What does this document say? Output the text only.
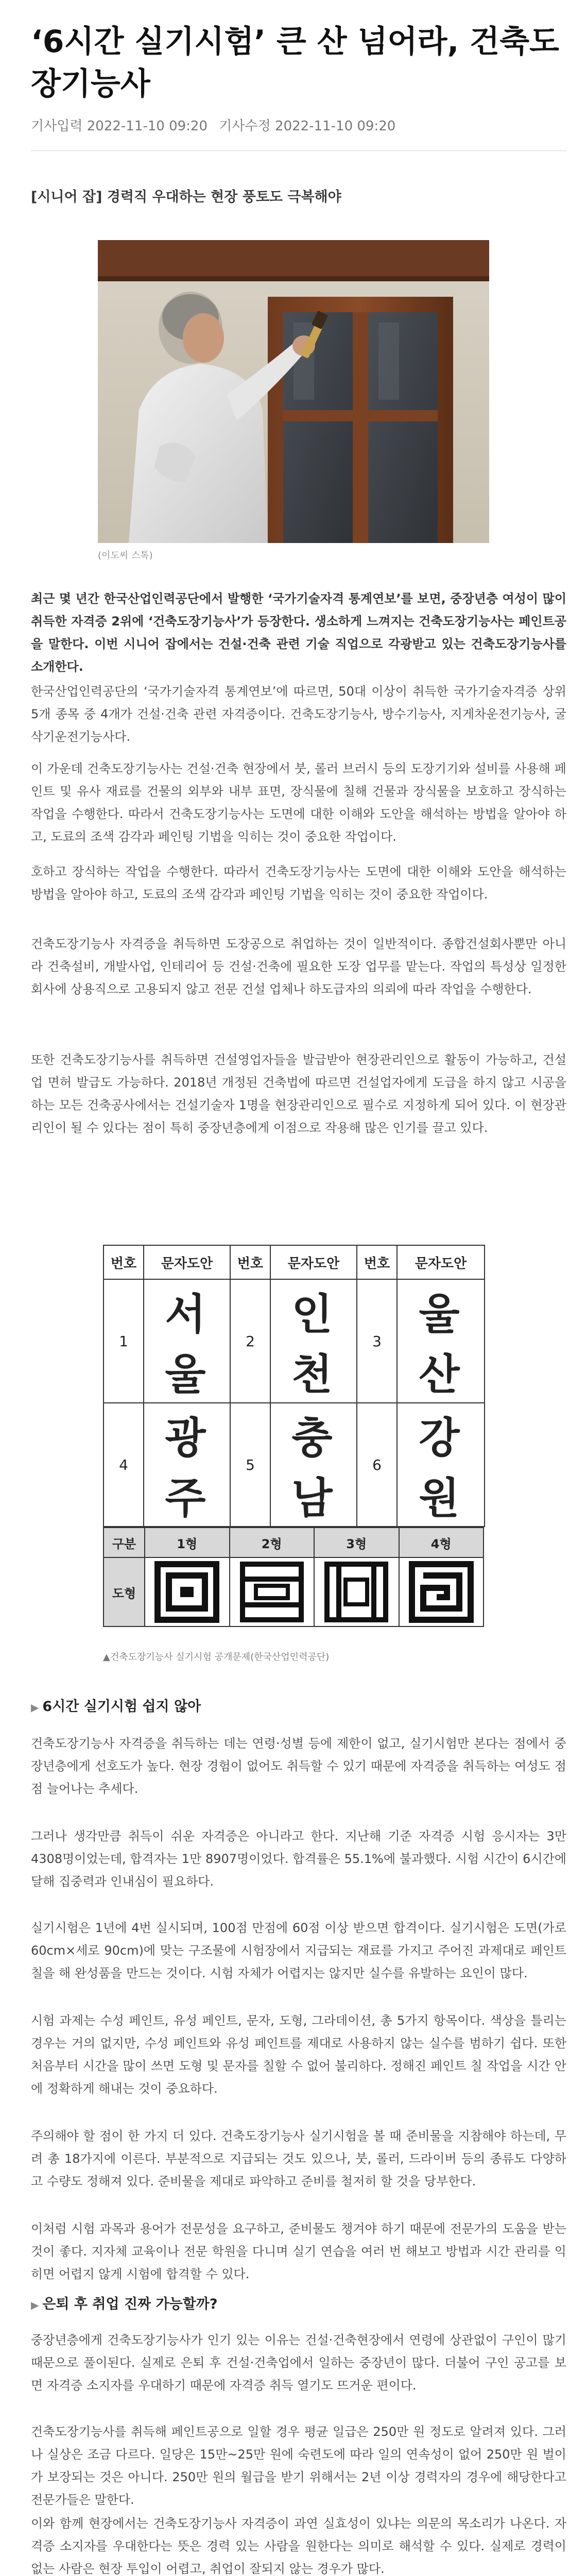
‘6시간 실기시험’ 큰 산 넘어라, 건축도장기능사
기사입력 2022-11-10 09:20 기사수정 2022-11-10 09:20
[시니어 잡] 경력직 우대하는 현장 풍토도 극복해야
(이도씨 스톡)

최근 몇 년간 한국산업인력공단에서 발행한 ‘국가기술자격 통계연보’를 보면, 중장년층 여성이 많이 취득한 자격증 2위에 ‘건축도장기능사’가 등장한다. 생소하게 느껴지는 건축도장기능사는 페인트공을 말한다. 이번 시니어 잡에서는 건설·건축 관련 기술 직업으로 각광받고 있는 건축도장기능사를 소개한다.

한국산업인력공단의 ‘국가기술자격 통계연보’에 따르면, 50대 이상이 취득한 국가기술자격증 상위 5개 종목 중 4개가 건설·건축 관련 자격증이다. 건축도장기능사, 방수기능사, 지게차운전기능사, 굴삭기운전기능사다.

이 가운데 건축도장기능사는 건설·건축 현장에서 붓, 롤러 브러시 등의 도장기기와 설비를 사용해 페인트 및 유사 재료를 건물의 외부와 내부 표면, 장식물에 칠해 건물과 장식물을 보호하고 장식하는 작업을 수행한다. 따라서 건축도장기능사는 도면에 대한 이해와 도안을 해석하는 방법을 알아야 하고, 도료의 조색 감각과 페인팅 기법을 익히는 것이 중요한 작업이다.

호하고 장식하는 작업을 수행한다. 따라서 건축도장기능사는 도면에 대한 이해와 도안을 해석하는 방법을 알아야 하고, 도료의 조색 감각과 페인팅 기법을 익히는 것이 중요한 작업이다.

건축도장기능사 자격증을 취득하면 도장공으로 취업하는 것이 일반적이다. 종합건설회사뿐만 아니라 건축설비, 개발사업, 인테리어 등 건설·건축에 필요한 도장 업무를 맡는다. 작업의 특성상 일정한 회사에 상용직으로 고용되지 않고 전문 건설 업체나 하도급자의 의뢰에 따라 작업을 수행한다.

또한 건축도장기능사를 취득하면 건설영업자들을 발급받아 현장관리인으로 활동이 가능하고, 건설업 면허 발급도 가능하다. 2018년 개정된 건축법에 따르면 건설업자에게 도급을 하지 않고 시공을 하는 모든 건축공사에서는 건설기술자 1명을 현장관리인으로 필수로 지정하게 되어 있다. 이 현장관리인이 될 수 있다는 점이 특히 중장년층에게 이점으로 작용해 많은 인기를 끌고 있다.

번호	문자도안	번호	문자도안	번호	문자도안
1	서울	2	인천	3	울산
4	광주	5	충남	6	강원
구분	1형	2형	3형	4형
도형	

▲건축도장기능사 실기시험 공개문제(한국산업인력공단)
▶ 6시간 실기시험 쉽지 않아

건축도장기능사 자격증을 취득하는 데는 연령·성별 등에 제한이 없고, 실기시험만 본다는 점에서 중장년층에게 선호도가 높다. 현장 경험이 없어도 취득할 수 있기 때문에 자격증을 취득하는 여성도 점점 늘어나는 추세다.

그러나 생각만큼 취득이 쉬운 자격증은 아니라고 한다. 지난해 기준 자격증 시험 응시자는 3만 4308명이었는데, 합격자는 1만 8907명이었다. 합격률은 55.1%에 불과했다. 시험 시간이 6시간에 달해 집중력과 인내심이 필요하다.

실기시험은 1년에 4번 실시되며, 100점 만점에 60점 이상 받으면 합격이다. 실기시험은 도면(가로 60cm×세로 90cm)에 맞는 구조물에 시험장에서 지급되는 재료를 가지고 주어진 과제대로 페인트칠을 해 완성품을 만드는 것이다. 시험 자체가 어렵지는 않지만 실수를 유발하는 요인이 많다.

시험 과제는 수성 페인트, 유성 페인트, 문자, 도형, 그라데이션, 총 5가지 항목이다. 색상을 틀리는 경우는 거의 없지만, 수성 페인트와 유성 페인트를 제대로 사용하지 않는 실수를 범하기 쉽다. 또한 처음부터 시간을 많이 쓰면 도형 및 문자를 칠할 수 없어 불리하다. 정해진 페인트 칠 작업을 시간 안에 정확하게 해내는 것이 중요하다.

주의해야 할 점이 한 가지 더 있다. 건축도장기능사 실기시험을 볼 때 준비물을 지참해야 하는데, 무려 총 18가지에 이른다. 부분적으로 지급되는 것도 있으나, 붓, 롤러, 드라이버 등의 종류도 다양하고 수량도 정해져 있다. 준비물을 제대로 파악하고 준비를 철저히 할 것을 당부한다.

이처럼 시험 과목과 용어가 전문성을 요구하고, 준비물도 챙겨야 하기 때문에 전문가의 도움을 받는 것이 좋다. 지자체 교육이나 전문 학원을 다니며 실기 연습을 여러 번 해보고 방법과 시간 관리를 익히면 어렵지 않게 시험에 합격할 수 있다.

▶ 은퇴 후 취업 진짜 가능할까?

중장년층에게 건축도장기능사가 인기 있는 이유는 건설·건축현장에서 연령에 상관없이 구인이 많기 때문으로 풀이된다. 실제로 은퇴 후 건설·건축업에서 일하는 중장년이 많다. 더불어 구인 공고를 보면 자격증 소지자를 우대하기 때문에 자격증 취득 열기도 뜨거운 편이다.

건축도장기능사를 취득해 페인트공으로 일할 경우 평균 일급은 250만 원 정도로 알려져 있다. 그러나 실상은 조금 다르다. 일당은 15만~25만 원에 숙련도에 따라 일의 연속성이 없어 250만 원 벌이가 보장되는 것은 아니다. 250만 원의 월급을 받기 위해서는 2년 이상 경력자의 경우에 해당한다고 전문가들은 말한다.

이와 함께 현장에서는 건축도장기능사 자격증이 과연 실효성이 있냐는 의문의 목소리가 나온다. 자격증 소지자를 우대한다는 뜻은 경력 있는 사람을 원한다는 의미로 해석할 수 있다. 실제로 경력이 없는 사람은 현장 투입이 어렵고, 취업이 잘되지 않는 경우가 많다.
